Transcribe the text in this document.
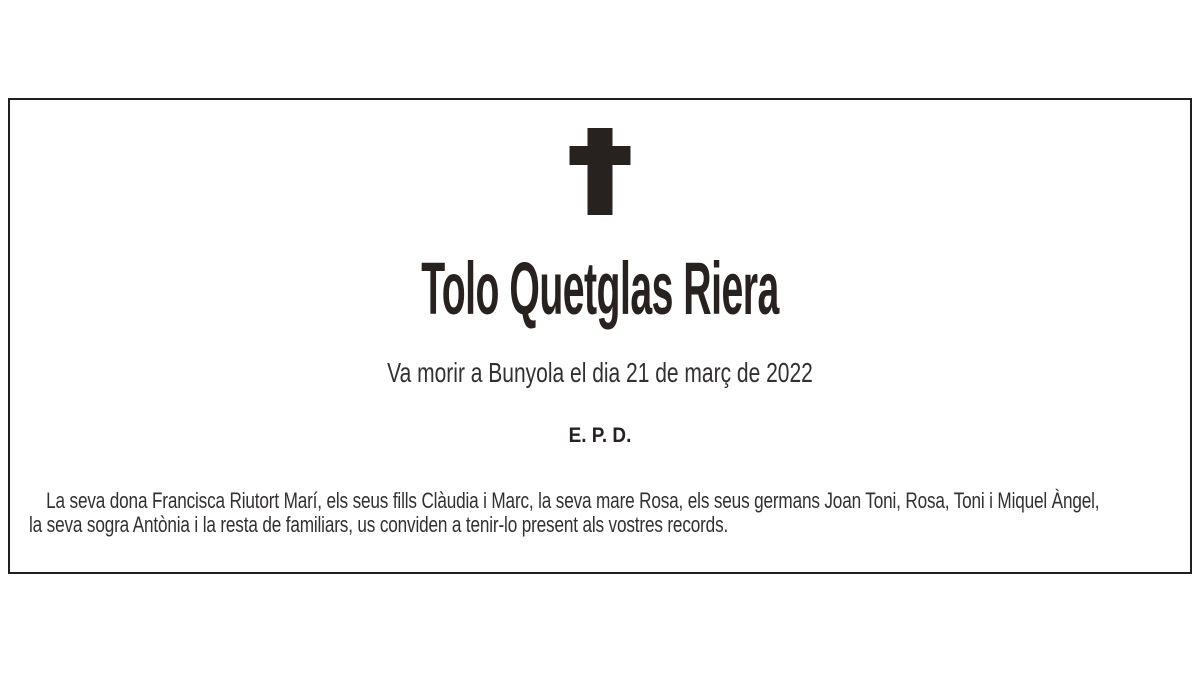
Tolo Quetglas Riera
Va morir a Bunyola el dia 21 de març de 2022
E. P. D.
La seva dona Francisca Riutort Marí, els seus fills Clàudia i Marc, la seva mare Rosa, els seus germans Joan Toni, Rosa, Toni i Miquel Àngel,
la seva sogra Antònia i la resta de familiars, us conviden a tenir-lo present als vostres records.
